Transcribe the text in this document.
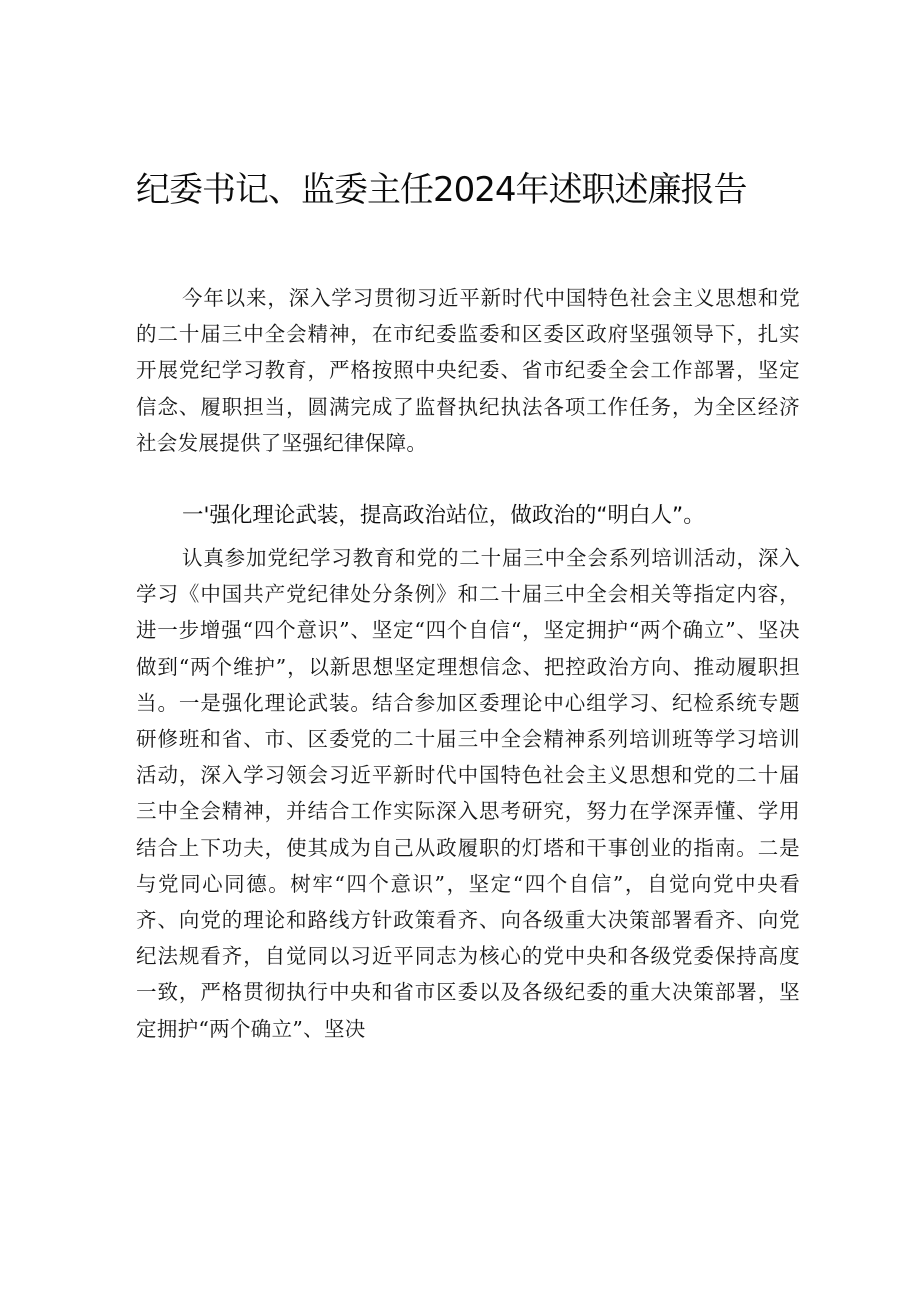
纪委书记、监委主任2024年述职述廉报告

今年以来，深入学习贯彻习近平新时代中国特色社会主义思想和党的二十届三中全会精神，在市纪委监委和区委区政府坚强领导下，扎实开展党纪学习教育，严格按照中央纪委、省市纪委全会工作部署，坚定信念、履职担当，圆满完成了监督执纪执法各项工作任务，为全区经济社会发展提供了坚强纪律保障。

一'强化理论武装，提高政治站位，做政治的“明白人”。

认真参加党纪学习教育和党的二十届三中全会系列培训活动，深入学习《中国共产党纪律处分条例》和二十届三中全会相关等指定内容，进一步增强“四个意识”、坚定“四个自信“，坚定拥护“两个确立”、坚决做到“两个维护”，以新思想坚定理想信念、把控政治方向、推动履职担当。一是强化理论武装。结合参加区委理论中心组学习、纪检系统专题研修班和省、市、区委党的二十届三中全会精神系列培训班等学习培训活动，深入学习领会习近平新时代中国特色社会主义思想和党的二十届三中全会精神，并结合工作实际深入思考研究，努力在学深弄懂、学用结合上下功夫，使其成为自己从政履职的灯塔和干事创业的指南。二是与党同心同德。树牢“四个意识”，坚定“四个自信”，自觉向党中央看齐、向党的理论和路线方针政策看齐、向各级重大决策部署看齐、向党纪法规看齐，自觉同以习近平同志为核心的党中央和各级党委保持高度一致，严格贯彻执行中央和省市区委以及各级纪委的重大决策部署，坚定拥护“两个确立”、坚决
